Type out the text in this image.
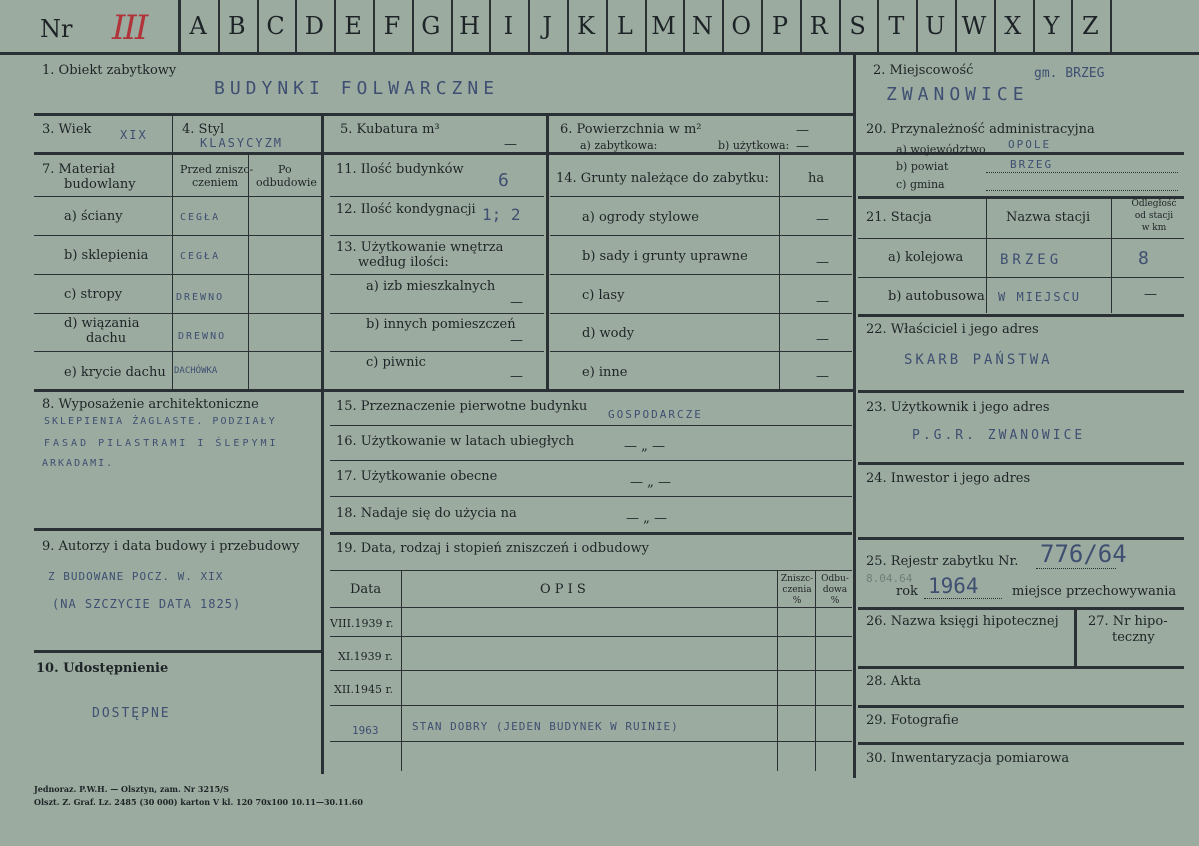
Nr III	A B C D E F G H I	J	K L M N O P R S T U W X Y Z
1. Obiekt zabytkowy
BUDYNKI FOLWARCZNE
2. Miejscowość	gm. BRZEG
ZWANOWICE
3. Wiek XIX	4. Styl
KLASYCYZM
5. Kubatura m³
—
6. Powierzchnia w m²	—
a) zabytkowa:	b) użytkowa: —
7. Materiał
budowlany
Przed zniszc-
czeniem
Po
odbudowie
a) ściany	CEGŁA
b) sklepienia	CEGŁA
c) stropy	DREWNO
d) wiązania
dachu	DREWNO
e) krycie dachu DACHÓWKA
8. Wyposażenie architektoniczne
SKLEPIENIA ŻAGLASTE. PODZIAŁY
FASAD PILASTRAMI I ŚLEPYMI
ARKADAMI.
9. Autorzy i data budowy i przebudowy
Z BUDOWANE POCZ. W. XIX
(NA SZCZYCIE DATA 1825)
10. Udostępnienie
DOSTĘPNE
11. Ilość budynków
6
12. Ilość kondygnacji 1; 2
13. Użytkowanie wnętrza
według ilości:
a) izb mieszkalnych
—
b) innych pomieszczeń
—
c) piwnic
—
14. Grunty należące do zabytku:	ha
a) ogrody stylowe	—
b) sady i grunty uprawne	—
c) lasy	—
d) wody	—
e) inne	—
15. Przeznaczenie pierwotne budynku
GOSPODARCZE
16. Użytkowanie w latach ubiegłych	— „ —
17. Użytkowanie obecne	— „ —
18. Nadaje się do użycia na	— „ —
19. Data, rodzaj i stopień zniszczeń i odbudowy
Data	O P I S
Zniszc-
czenia
%
Odbu-
dowa
%
VIII.1939 r.
XI.1939 r.
XII.1945 r.
1963	STAN DOBRY (JEDEN BUDYNEK W RUINIE)
20. Przynależność administracyjna
a) województwo OPOLE
b) powiat	BRZEG
c) gmina
21. Stacja	Nazwa stacji
Odległość
od stacji
w km
a) kolejowa	BRZEG	8
b) autobusowa W MIEJSCU	—
22. Właściciel i jego adres
SKARB PAŃSTWA
23. Użytkownik i jego adres
P.G.R. ZWANOWICE
24. Inwestor i jego adres
25. Rejestr zabytku Nr. 776/64
8.04.64
rok 1964	miejsce przechowywania
26. Nazwa księgi hipotecznej 27. Nr hipo-
teczny
28. Akta
29. Fotografie
30. Inwentaryzacja pomiarowa
Jednoraz. P.W.H. — Olsztyn, zam. Nr 3215/S
Olszt. Z. Graf. Lz. 2485 (30 000) karton V kl. 120 70x100 10.11—30.11.60
